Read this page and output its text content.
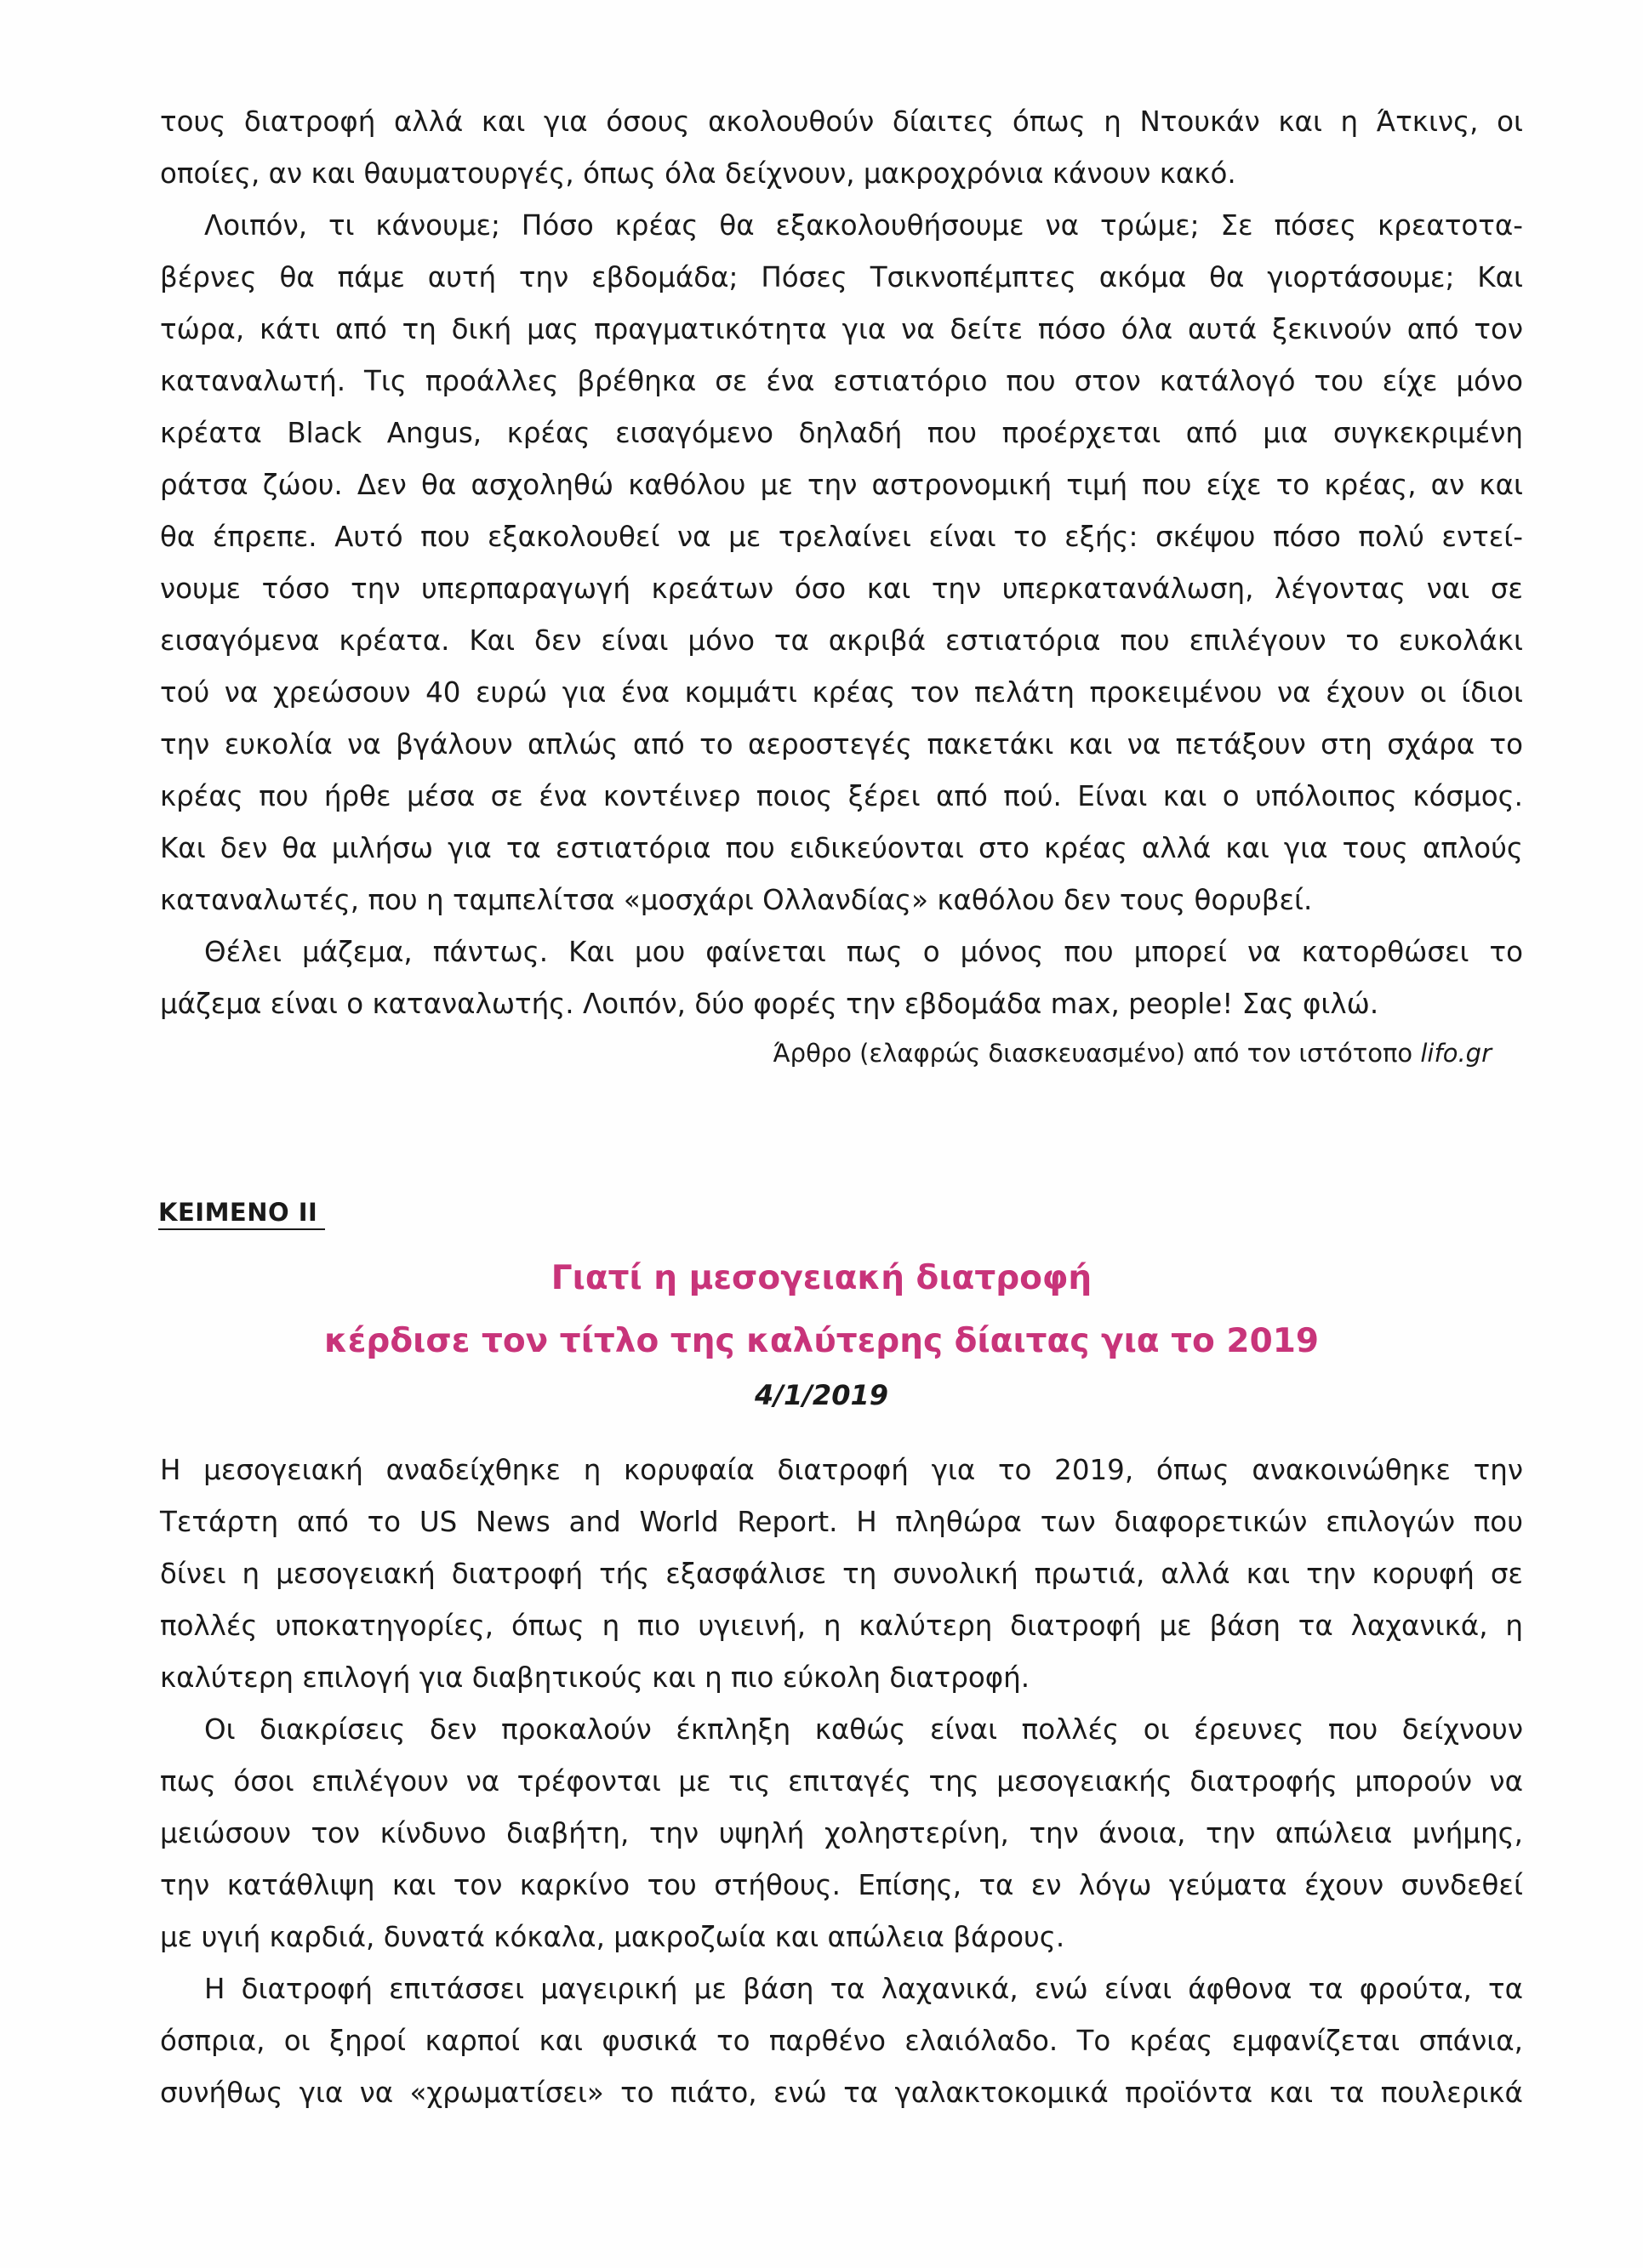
τους διατροφή αλλά και για όσους ακολουθούν δίαιτες όπως η Ντουκάν και η Άτκινς, οι
οποίες, αν και θαυματουργές, όπως όλα δείχνουν, μακροχρόνια κάνουν κακό.
Λοιπόν, τι κάνουμε; Πόσο κρέας θα εξακολουθήσουμε να τρώμε; Σε πόσες κρεατοτα-
βέρνες θα πάμε αυτή την εβδομάδα; Πόσες Τσικνοπέμπτες ακόμα θα γιορτάσουμε; Και
τώρα, κάτι από τη δική μας πραγματικότητα για να δείτε πόσο όλα αυτά ξεκινούν από τον
καταναλωτή. Τις προάλλες βρέθηκα σε ένα εστιατόριο που στον κατάλογό του είχε μόνο
κρέατα Black Angus, κρέας εισαγόμενο δηλαδή που προέρχεται από μια συγκεκριμένη
ράτσα ζώου. Δεν θα ασχοληθώ καθόλου με την αστρονομική τιμή που είχε το κρέας, αν και
θα έπρεπε. Αυτό που εξακολουθεί να με τρελαίνει είναι το εξής: σκέψου πόσο πολύ εντεί-
νουμε τόσο την υπερπαραγωγή κρεάτων όσο και την υπερκατανάλωση, λέγοντας ναι σε
εισαγόμενα κρέατα. Και δεν είναι μόνο τα ακριβά εστιατόρια που επιλέγουν το ευκολάκι
τού να χρεώσουν 40 ευρώ για ένα κομμάτι κρέας τον πελάτη προκειμένου να έχουν οι ίδιοι
την ευκολία να βγάλουν απλώς από το αεροστεγές πακετάκι και να πετάξουν στη σχάρα το
κρέας που ήρθε μέσα σε ένα κοντέινερ ποιος ξέρει από πού. Είναι και ο υπόλοιπος κόσμος.
Και δεν θα μιλήσω για τα εστιατόρια που ειδικεύονται στο κρέας αλλά και για τους απλούς
καταναλωτές, που η ταμπελίτσα «μοσχάρι Ολλανδίας» καθόλου δεν τους θορυβεί.
Θέλει μάζεμα, πάντως. Και μου φαίνεται πως ο μόνος που μπορεί να κατορθώσει το
μάζεμα είναι ο καταναλωτής. Λοιπόν, δύο φορές την εβδομάδα max, people! Σας φιλώ.
Άρθρο (ελαφρώς διασκευασμένο) από τον ιστότοπο lifo.gr
ΚΕΙΜΕΝΟ ΙΙ
Γιατί η μεσογειακή διατροφή
κέρδισε τον τίτλο της καλύτερης δίαιτας για το 2019
4/1/2019
Η μεσογειακή αναδείχθηκε η κορυφαία διατροφή για το 2019, όπως ανακοινώθηκε την
Τετάρτη από το US News and World Report. Η πληθώρα των διαφορετικών επιλογών που
δίνει η μεσογειακή διατροφή τής εξασφάλισε τη συνολική πρωτιά, αλλά και την κορυφή σε
πολλές υποκατηγορίες, όπως η πιο υγιεινή, η καλύτερη διατροφή με βάση τα λαχανικά, η
καλύτερη επιλογή για διαβητικούς και η πιο εύκολη διατροφή.
Οι διακρίσεις δεν προκαλούν έκπληξη καθώς είναι πολλές οι έρευνες που δείχνουν
πως όσοι επιλέγουν να τρέφονται με τις επιταγές της μεσογειακής διατροφής μπορούν να
μειώσουν τον κίνδυνο διαβήτη, την υψηλή χοληστερίνη, την άνοια, την απώλεια μνήμης,
την κατάθλιψη και τον καρκίνο του στήθους. Επίσης, τα εν λόγω γεύματα έχουν συνδεθεί
με υγιή καρδιά, δυνατά κόκαλα, μακροζωία και απώλεια βάρους.
Η διατροφή επιτάσσει μαγειρική με βάση τα λαχανικά, ενώ είναι άφθονα τα φρούτα, τα
όσπρια, οι ξηροί καρποί και φυσικά το παρθένο ελαιόλαδο. Το κρέας εμφανίζεται σπάνια,
συνήθως για να «χρωματίσει» το πιάτο, ενώ τα γαλακτοκομικά προϊόντα και τα πουλερικά
